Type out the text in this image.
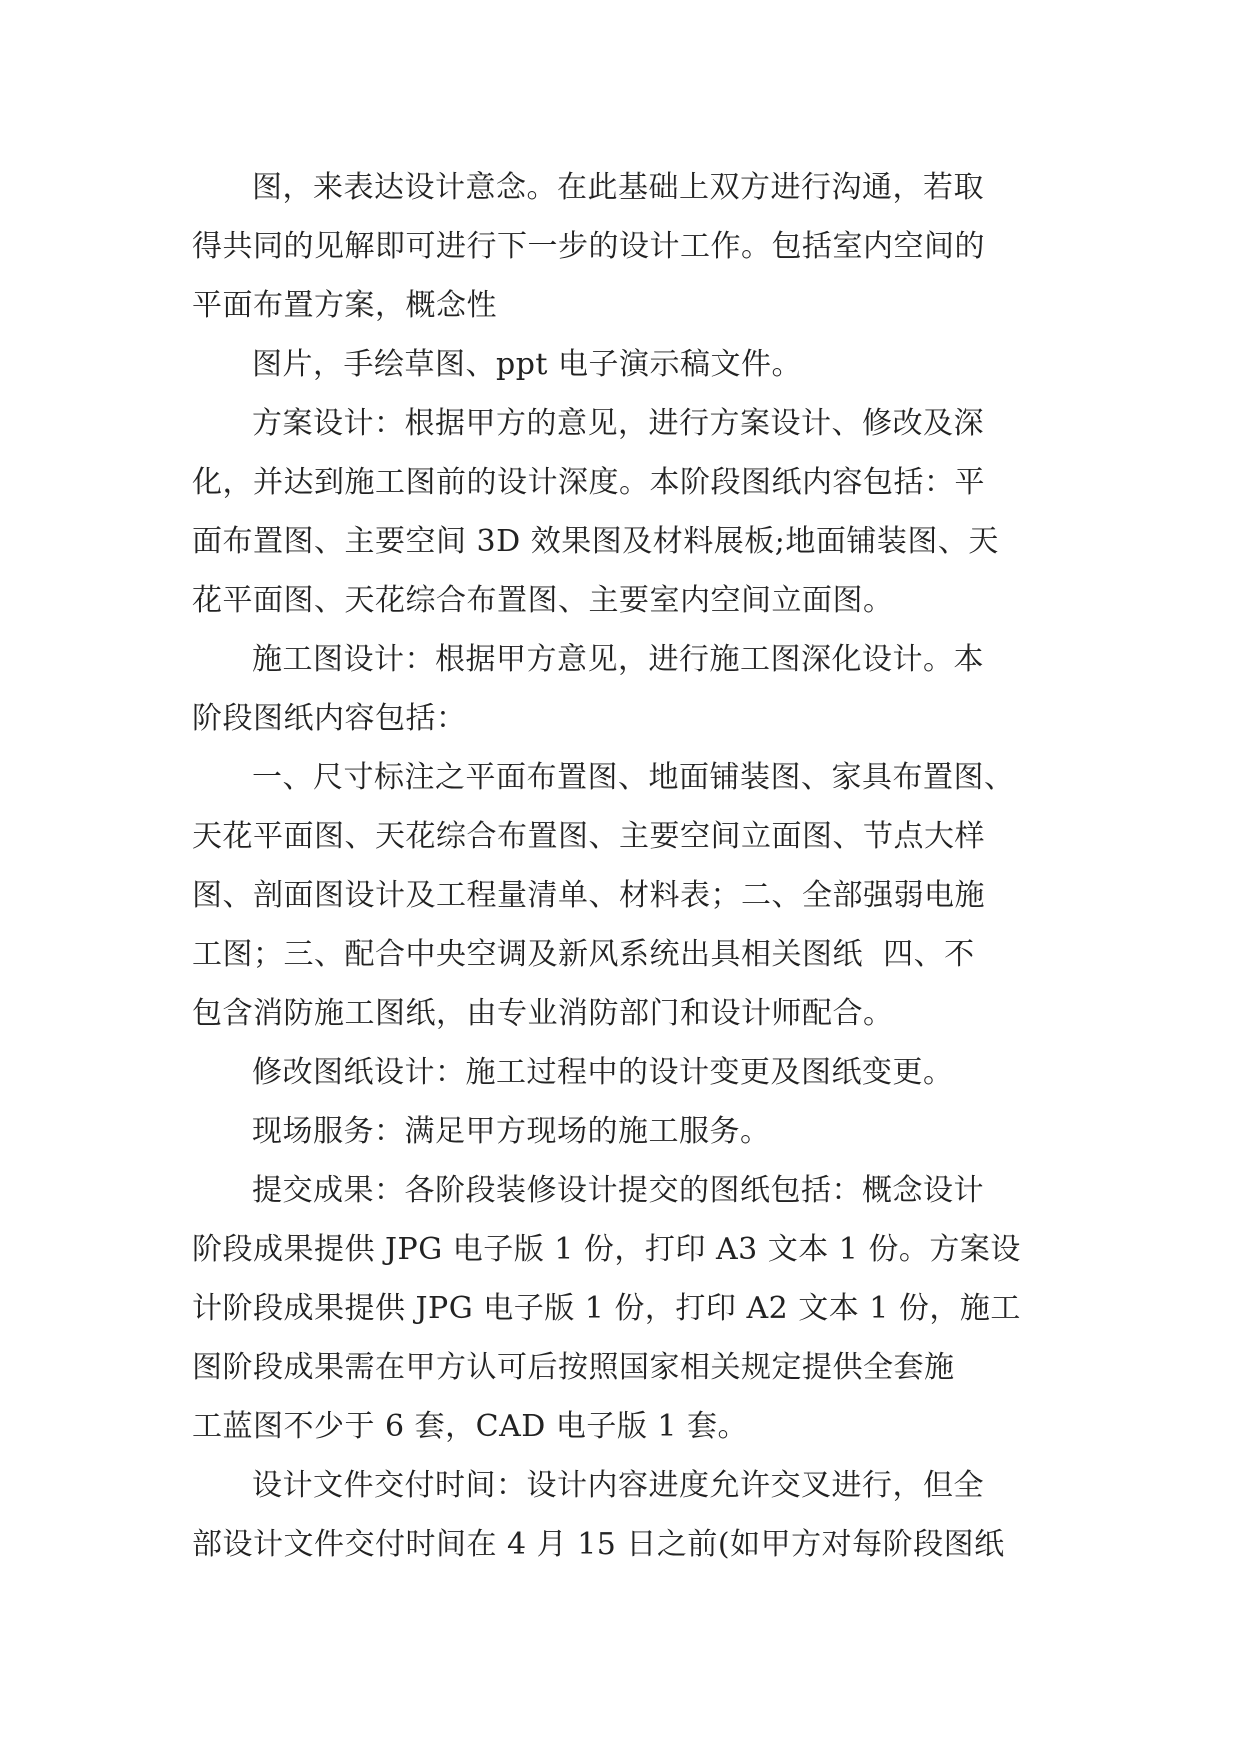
图，来表达设计意念。在此基础上双方进行沟通，若取
得共同的见解即可进行下一步的设计工作。包括室内空间的
平面布置方案，概念性

图片，手绘草图、ppt 电子演示稿文件。

方案设计：根据甲方的意见，进行方案设计、修改及深
化，并达到施工图前的设计深度。本阶段图纸内容包括：平
面布置图、主要空间 3D 效果图及材料展板;地面铺装图、天
花平面图、天花综合布置图、主要室内空间立面图。

施工图设计：根据甲方意见，进行施工图深化设计。本
阶段图纸内容包括：

一、尺寸标注之平面布置图、地面铺装图、家具布置图、
天花平面图、天花综合布置图、主要空间立面图、节点大样
图、剖面图设计及工程量清单、材料表；二、全部强弱电施
工图；三、配合中央空调及新风系统出具相关图纸  四、不
包含消防施工图纸，由专业消防部门和设计师配合。

修改图纸设计：施工过程中的设计变更及图纸变更。

现场服务：满足甲方现场的施工服务。

提交成果：各阶段装修设计提交的图纸包括：概念设计
阶段成果提供 JPG 电子版 1 份，打印 A3 文本 1 份。方案设
计阶段成果提供 JPG 电子版 1 份，打印 A2 文本 1 份，施工
图阶段成果需在甲方认可后按照国家相关规定提供全套施
工蓝图不少于 6 套，CAD 电子版 1 套。

设计文件交付时间：设计内容进度允许交叉进行，但全
部设计文件交付时间在 4 月 15 日之前(如甲方对每阶段图纸
